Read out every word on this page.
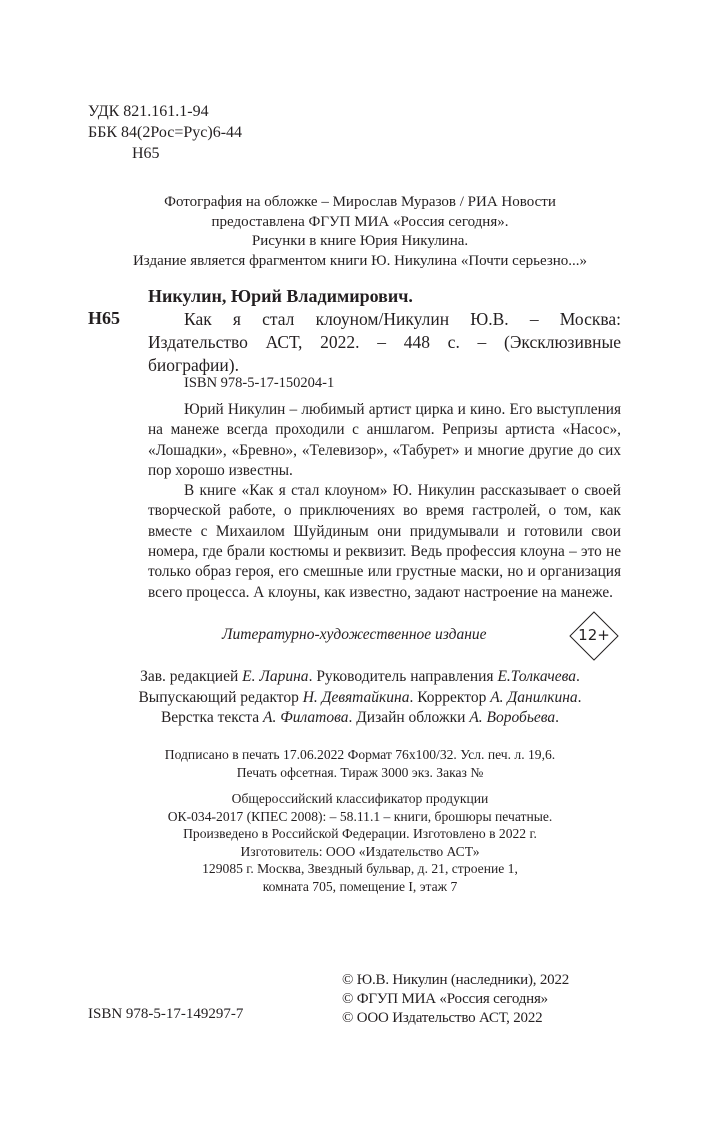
УДК 821.161.1-94
ББК 84(2Рос=Рус)6-44
Н65
Фотография на обложке – Мирослав Муразов / РИА Новости
предоставлена ФГУП МИА «Россия сегодня».
Рисунки в книге Юрия Никулина.
Издание является фрагментом книги Ю. Никулина «Почти серьезно...»
Н65
Никулин, Юрий Владимирович.
Как я стал клоуном/Никулин Ю.В. – Москва:
Издательство АСТ, 2022. – 448 с. – (Эксклюзивные биографии).
ISBN 978-5-17-150204-1

Юрий Никулин – любимый артист цирка и кино. Его выступления на манеже всегда проходили с аншлагом. Репризы артиста «Насос», «Лошадки», «Бревно», «Телевизор», «Табурет» и многие другие до сих пор хорошо известны.

В книге «Как я стал клоуном» Ю. Никулин рассказывает о своей творческой работе, о приключениях во время гастролей, о том, как вместе с Михаилом Шуйдиным они придумывали и готовили свои номера, где брали костюмы и реквизит. Ведь профессия клоуна – это не только образ героя, его смешные или грустные маски, но и организация всего процесса. А клоуны, как известно, задают настроение на манеже.

Литературно-художественное издание	12+
Зав. редакцией Е. Ларина. Руководитель направления Е.Толкачева.
Выпускающий редактор Н. Девятайкина. Корректор А. Данилкина.
Верстка текста А. Филатова. Дизайн обложки А. Воробьева.
Подписано в печать 17.06.2022 Формат 76x100/32. Усл. печ. л. 19,6.
Печать офсетная. Тираж 3000 экз. Заказ №
Общероссийский классификатор продукции
ОК-034-2017 (КПЕС 2008): – 58.11.1 – книги, брошюры печатные.
Произведено в Российской Федерации. Изготовлено в 2022 г.
Изготовитель: ООО «Издательство АСТ»
129085 г. Москва, Звездный бульвар, д. 21, строение 1,
комната 705, помещение I, этаж 7
ISBN 978-5-17-149297-7
© Ю.В. Никулин (наследники), 2022
© ФГУП МИА «Россия сегодня»
© ООО Издательство АСТ, 2022
